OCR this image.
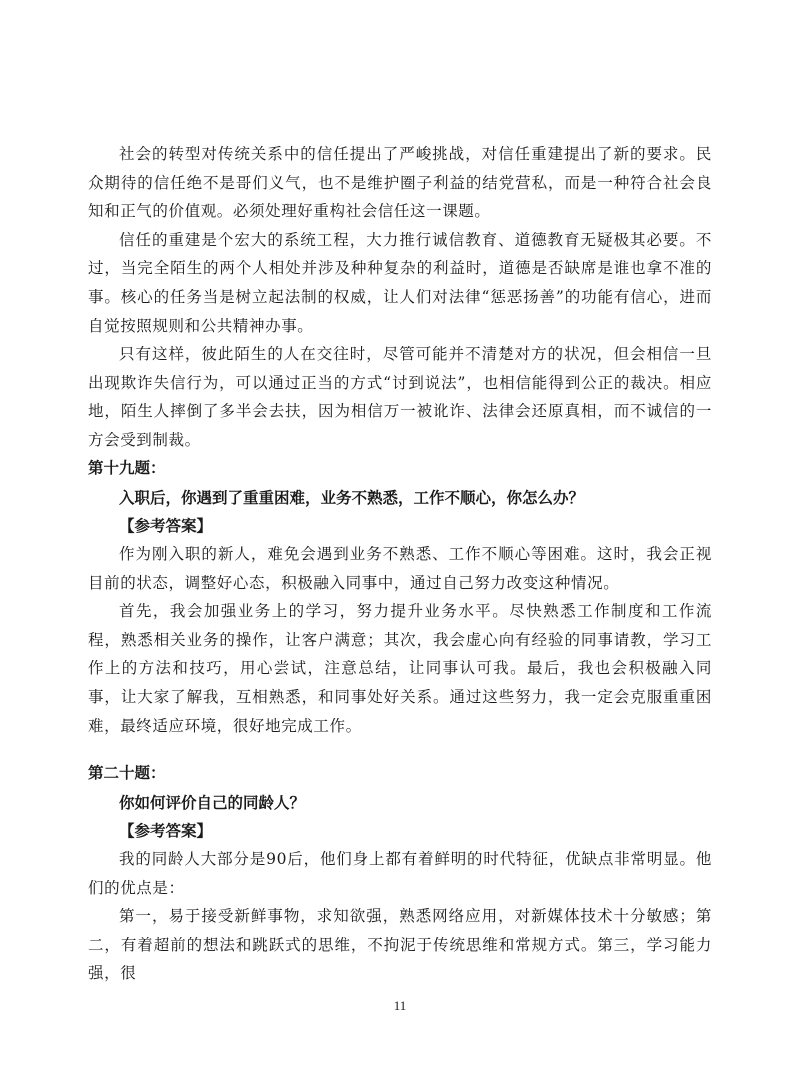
社会的转型对传统关系中的信任提出了严峻挑战，对信任重建提出了新的要求。民众期待的信任绝不是哥们义气，也不是维护圈子利益的结党营私，而是一种符合社会良知和正气的价值观。必须处理好重构社会信任这一课题。

信任的重建是个宏大的系统工程，大力推行诚信教育、道德教育无疑极其必要。不过，当完全陌生的两个人相处并涉及种种复杂的利益时，道德是否缺席是谁也拿不准的事。核心的任务当是树立起法制的权威，让人们对法律“惩恶扬善”的功能有信心，进而自觉按照规则和公共精神办事。

只有这样，彼此陌生的人在交往时，尽管可能并不清楚对方的状况，但会相信一旦出现欺诈失信行为，可以通过正当的方式“讨到说法”，也相信能得到公正的裁决。相应地，陌生人摔倒了多半会去扶，因为相信万一被讹诈、法律会还原真相，而不诚信的一方会受到制裁。

第十九题：

入职后，你遇到了重重困难，业务不熟悉，工作不顺心，你怎么办？

【参考答案】

作为刚入职的新人，难免会遇到业务不熟悉、工作不顺心等困难。这时，我会正视目前的状态，调整好心态，积极融入同事中，通过自己努力改变这种情况。

首先，我会加强业务上的学习，努力提升业务水平。尽快熟悉工作制度和工作流程，熟悉相关业务的操作，让客户满意；其次，我会虚心向有经验的同事请教，学习工作上的方法和技巧，用心尝试，注意总结，让同事认可我。最后，我也会积极融入同事，让大家了解我，互相熟悉，和同事处好关系。通过这些努力，我一定会克服重重困难，最终适应环境，很好地完成工作。

第二十题：

你如何评价自己的同龄人？

【参考答案】

我的同龄人大部分是90后，他们身上都有着鲜明的时代特征，优缺点非常明显。他们的优点是：

第一，易于接受新鲜事物，求知欲强，熟悉网络应用，对新媒体技术十分敏感；第二，有着超前的想法和跳跃式的思维，不拘泥于传统思维和常规方式。第三，学习能力强，很

11
